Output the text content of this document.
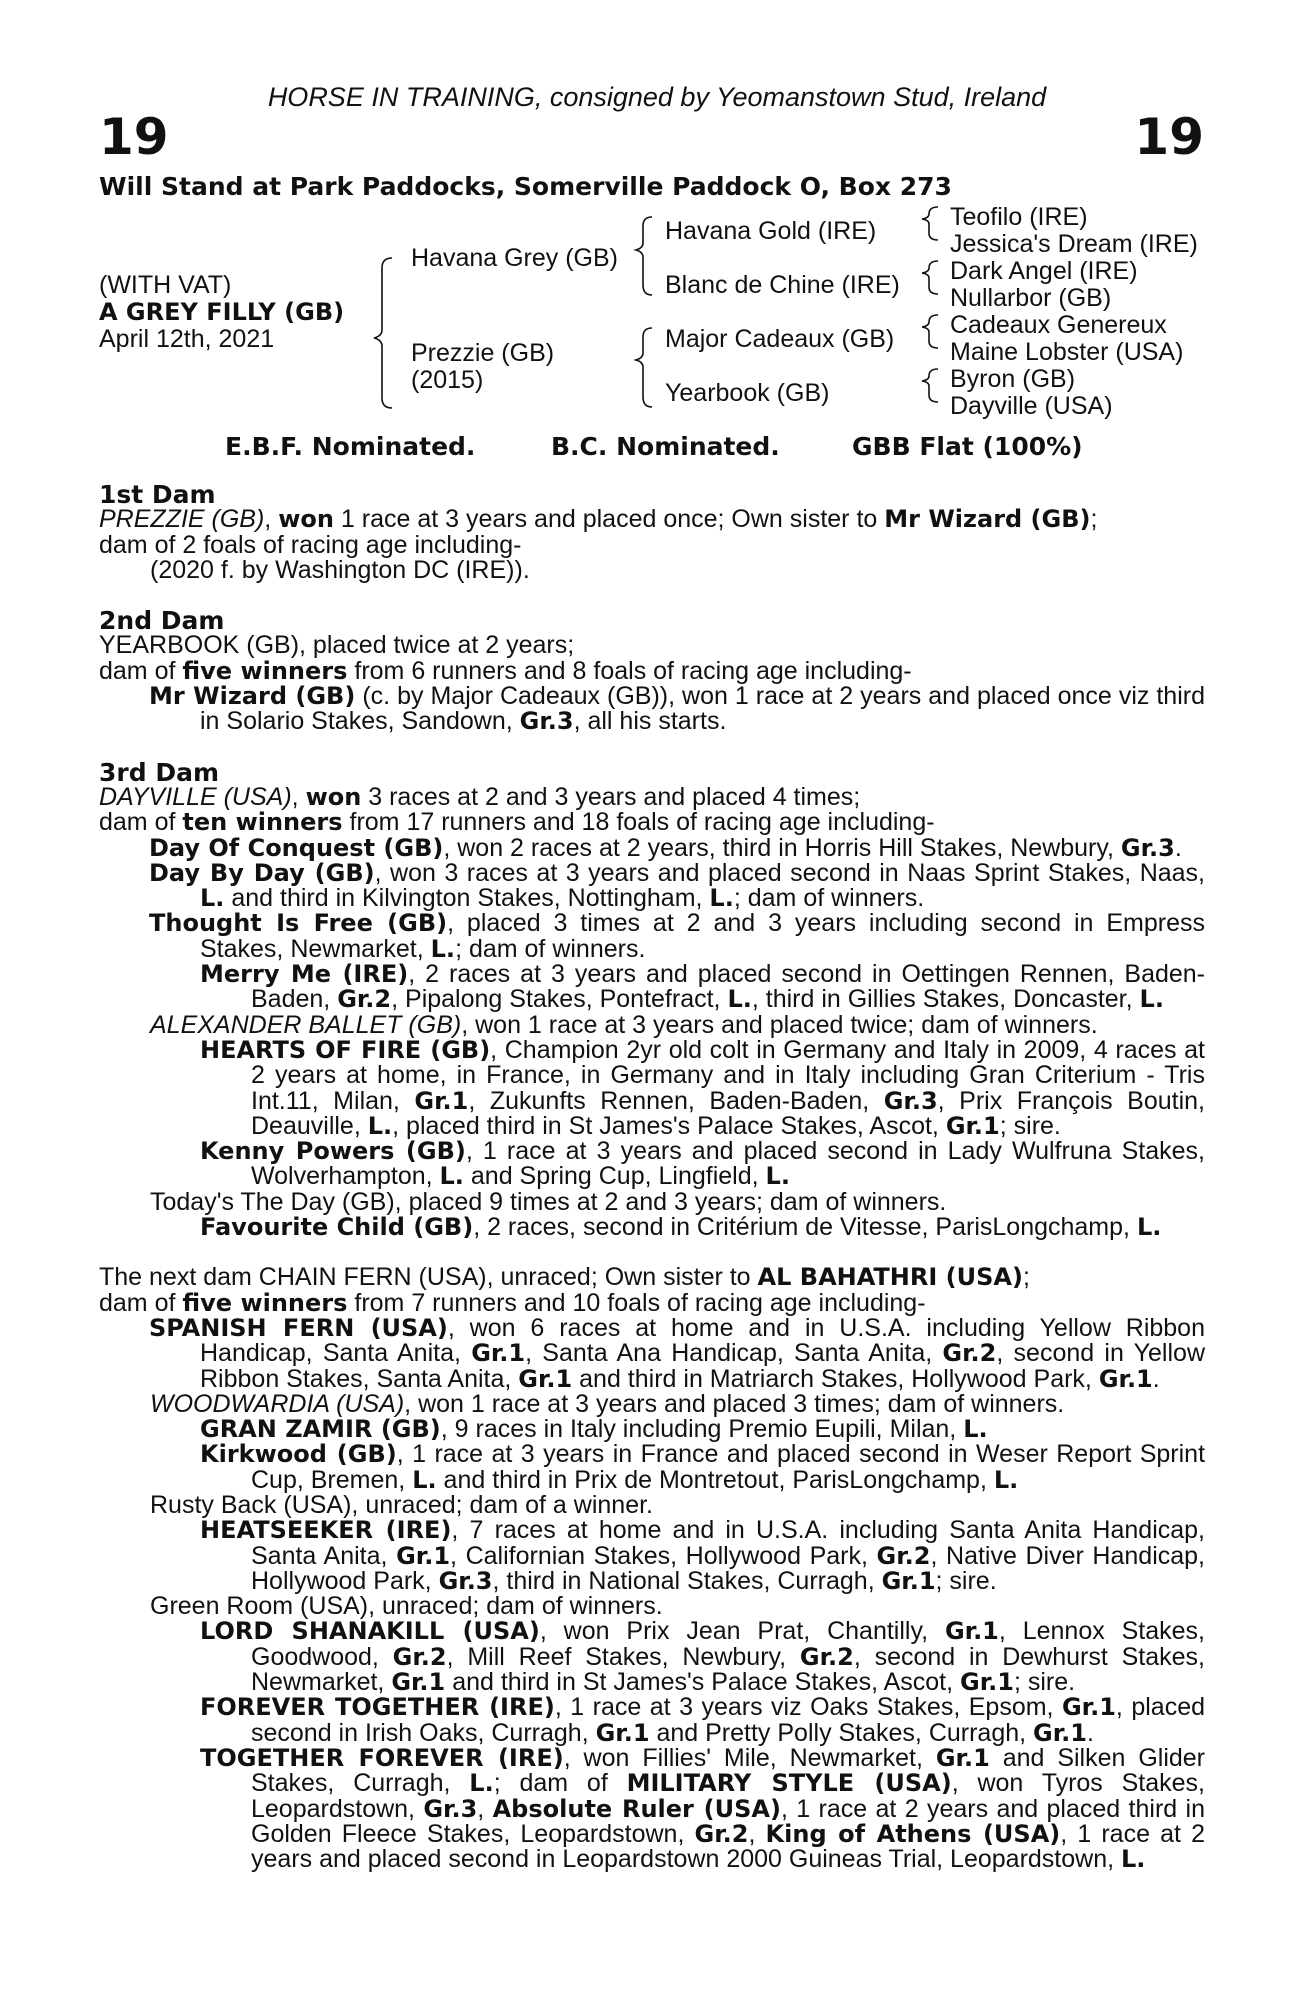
HORSE IN TRAINING, consigned by Yeomanstown Stud, Ireland
19	19
Will Stand at Park Paddocks, Somerville Paddock O, Box 273
(WITH VAT)
A GREY FILLY (GB)
April 12th, 2021
Havana Grey (GB)
Prezzie (GB)
(2015)
Havana Gold (IRE)
Blanc de Chine (IRE)
Major Cadeaux (GB)
Yearbook (GB)
Teofilo (IRE)
Jessica's Dream (IRE)
Dark Angel (IRE)
Nullarbor (GB)
Cadeaux Genereux
Maine Lobster (USA)
Byron (GB)
Dayville (USA)
E.B.F. Nominated.	B.C. Nominated.	GBB Flat (100%)
1st Dam
PREZZIE (GB), won 1 race at 3 years and placed once; Own sister to Mr Wizard (GB);
dam of 2 foals of racing age including-
(2020 f. by Washington DC (IRE)).
2nd Dam
YEARBOOK (GB), placed twice at 2 years;
dam of five winners from 6 runners and 8 foals of racing age including-
Mr Wizard (GB) (c. by Major Cadeaux (GB)), won 1 race at 2 years and placed once viz third in Solario Stakes, Sandown, Gr.3, all his starts.
3rd Dam
DAYVILLE (USA), won 3 races at 2 and 3 years and placed 4 times;
dam of ten winners from 17 runners and 18 foals of racing age including-
Day Of Conquest (GB), won 2 races at 2 years, third in Horris Hill Stakes, Newbury, Gr.3.
Day By Day (GB), won 3 races at 3 years and placed second in Naas Sprint Stakes, Naas, L. and third in Kilvington Stakes, Nottingham, L.; dam of winners.
Thought Is Free (GB), placed 3 times at 2 and 3 years including second in Empress Stakes, Newmarket, L.; dam of winners.
Merry Me (IRE), 2 races at 3 years and placed second in Oettingen Rennen, Baden-Baden, Gr.2, Pipalong Stakes, Pontefract, L., third in Gillies Stakes, Doncaster, L.
ALEXANDER BALLET (GB), won 1 race at 3 years and placed twice; dam of winners.
HEARTS OF FIRE (GB), Champion 2yr old colt in Germany and Italy in 2009, 4 races at 2 years at home, in France, in Germany and in Italy including Gran Criterium - Tris Int.11, Milan, Gr.1, Zukunfts Rennen, Baden-Baden, Gr.3, Prix François Boutin, Deauville, L., placed third in St James's Palace Stakes, Ascot, Gr.1; sire.
Kenny Powers (GB), 1 race at 3 years and placed second in Lady Wulfruna Stakes, Wolverhampton, L. and Spring Cup, Lingfield, L.
Today's The Day (GB), placed 9 times at 2 and 3 years; dam of winners.
Favourite Child (GB), 2 races, second in Critérium de Vitesse, ParisLongchamp, L.
The next dam CHAIN FERN (USA), unraced; Own sister to AL BAHATHRI (USA);
dam of five winners from 7 runners and 10 foals of racing age including-
SPANISH FERN (USA), won 6 races at home and in U.S.A. including Yellow Ribbon Handicap, Santa Anita, Gr.1, Santa Ana Handicap, Santa Anita, Gr.2, second in Yellow Ribbon Stakes, Santa Anita, Gr.1 and third in Matriarch Stakes, Hollywood Park, Gr.1.
WOODWARDIA (USA), won 1 race at 3 years and placed 3 times; dam of winners.
GRAN ZAMIR (GB), 9 races in Italy including Premio Eupili, Milan, L.
Kirkwood (GB), 1 race at 3 years in France and placed second in Weser Report Sprint Cup, Bremen, L. and third in Prix de Montretout, ParisLongchamp, L.
Rusty Back (USA), unraced; dam of a winner.
HEATSEEKER (IRE), 7 races at home and in U.S.A. including Santa Anita Handicap, Santa Anita, Gr.1, Californian Stakes, Hollywood Park, Gr.2, Native Diver Handicap, Hollywood Park, Gr.3, third in National Stakes, Curragh, Gr.1; sire.
Green Room (USA), unraced; dam of winners.
LORD SHANAKILL (USA), won Prix Jean Prat, Chantilly, Gr.1, Lennox Stakes, Goodwood, Gr.2, Mill Reef Stakes, Newbury, Gr.2, second in Dewhurst Stakes, Newmarket, Gr.1 and third in St James's Palace Stakes, Ascot, Gr.1; sire.
FOREVER TOGETHER (IRE), 1 race at 3 years viz Oaks Stakes, Epsom, Gr.1, placed second in Irish Oaks, Curragh, Gr.1 and Pretty Polly Stakes, Curragh, Gr.1.
TOGETHER FOREVER (IRE), won Fillies' Mile, Newmarket, Gr.1 and Silken Glider Stakes, Curragh, L.; dam of MILITARY STYLE (USA), won Tyros Stakes, Leopardstown, Gr.3, Absolute Ruler (USA), 1 race at 2 years and placed third in Golden Fleece Stakes, Leopardstown, Gr.2, King of Athens (USA), 1 race at 2 years and placed second in Leopardstown 2000 Guineas Trial, Leopardstown, L.
